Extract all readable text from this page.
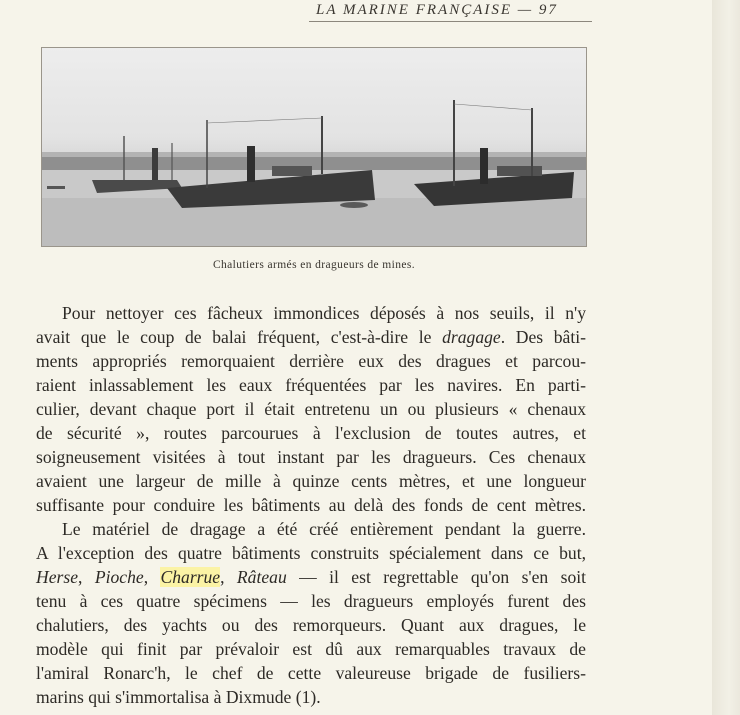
LA MARINE FRANÇAISE — 97
Chalutiers armés en dragueurs de mines.
Pour nettoyer ces fâcheux immondices déposés à nos seuils, il n'y
avait que le coup de balai fréquent, c'est-à-dire le dragage. Des bâti-
ments appropriés remorquaient derrière eux des dragues et parcou-
raient inlassablement les eaux fréquentées par les navires. En parti-
culier, devant chaque port il était entretenu un ou plusieurs « chenaux
de sécurité », routes parcourues à l'exclusion de toutes autres, et
soigneusement visitées à tout instant par les dragueurs. Ces chenaux
avaient une largeur de mille à quinze cents mètres, et une longueur
suffisante pour conduire les bâtiments au delà des fonds de cent mètres.
Le matériel de dragage a été créé entièrement pendant la guerre.
A l'exception des quatre bâtiments construits spécialement dans ce but,
Herse, Pioche, Charrue, Râteau — il est regrettable qu'on s'en soit
tenu à ces quatre spécimens — les dragueurs employés furent des
chalutiers, des yachts ou des remorqueurs. Quant aux dragues, le
modèle qui finit par prévaloir est dû aux remarquables travaux de
l'amiral Ronarc'h, le chef de cette valeureuse brigade de fusiliers-
marins qui s'immortalisa à Dixmude (1).
